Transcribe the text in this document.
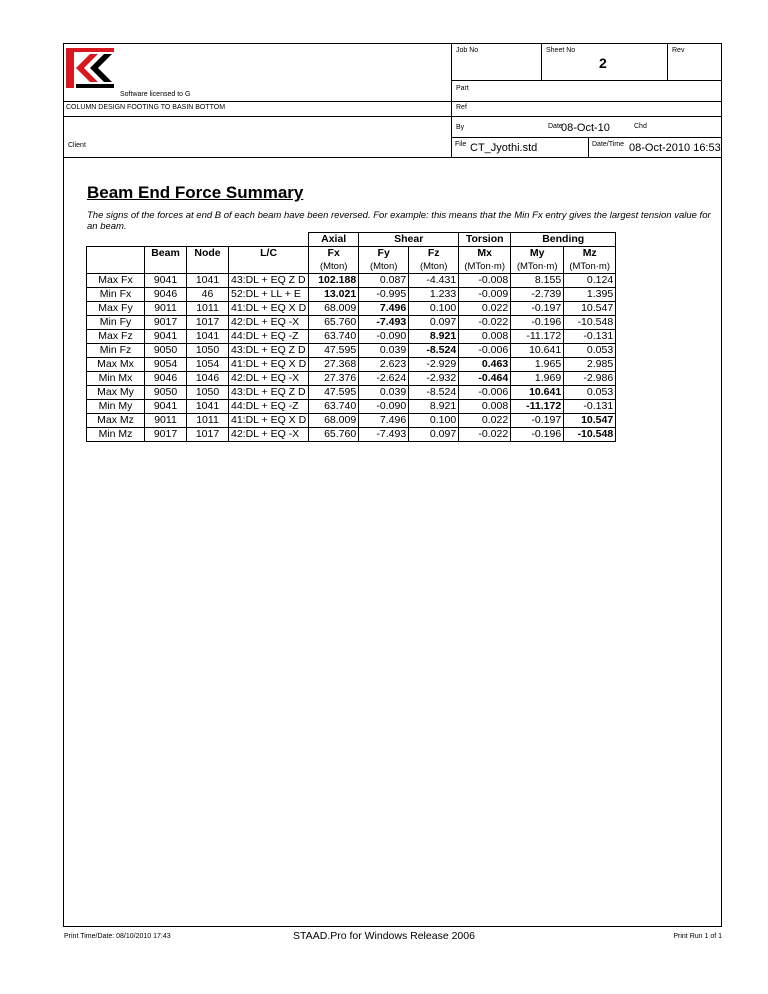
Software licensed to G
Job No	Sheet No
2
Rev
Part
COLUMN DESIGN FOOTING TO BASIN BOTTOM	Ref
By	Date
08-Oct-10	Chd
Client	File CT_Jyothi.std	Date/Time 08-Oct-2010 16:53
Beam End Force Summary
The signs of the forces at end B of each beam have been reversed. For example: this means that the Min Fx entry gives the largest tension value for an beam.
				Axial	Shear		Torsion	Bending	
	Beam	Node	L/C	Fx	Fy	Fz	Mx	My	Mz
				(Mton)	(Mton)	(Mton)	(MTon·m)	(MTon·m)	(MTon·m)
Max Fx	9041	1041	43:DL + EQ Z D	102.188	0.087	-4.431	-0.008	8.155	0.124
Min Fx	9046	46	52:DL + LL + E	13.021	-0.995	1.233	-0.009	-2.739	1.395
Max Fy	9011	1011	41:DL + EQ X D	68.009	7.496	0.100	0.022	-0.197	10.547
Min Fy	9017	1017	42:DL + EQ -X	65.760	-7.493	0.097	-0.022	-0.196	-10.548
Max Fz	9041	1041	44:DL + EQ -Z	63.740	-0.090	8.921	0.008	-11.172	-0.131
Min Fz	9050	1050	43:DL + EQ Z D	47.595	0.039	-8.524	-0.006	10.641	0.053
Max Mx	9054	1054	41:DL + EQ X D	27.368	2.623	-2.929	0.463	1.965	2.985
Min Mx	9046	1046	42:DL + EQ -X	27.376	-2.624	-2.932	-0.464	1.969	-2.986
Max My	9050	1050	43:DL + EQ Z D	47.595	0.039	-8.524	-0.006	10.641	0.053
Min My	9041	1041	44:DL + EQ -Z	63.740	-0.090	8.921	0.008	-11.172	-0.131
Max Mz	9011	1011	41:DL + EQ X D	68.009	7.496	0.100	0.022	-0.197	10.547
Min Mz	9017	1017	42:DL + EQ -X	65.760	-7.493	0.097	-0.022	-0.196	-10.548
Print Time/Date: 08/10/2010 17:43	STAAD.Pro for Windows Release 2006	Print Run 1 of 1
